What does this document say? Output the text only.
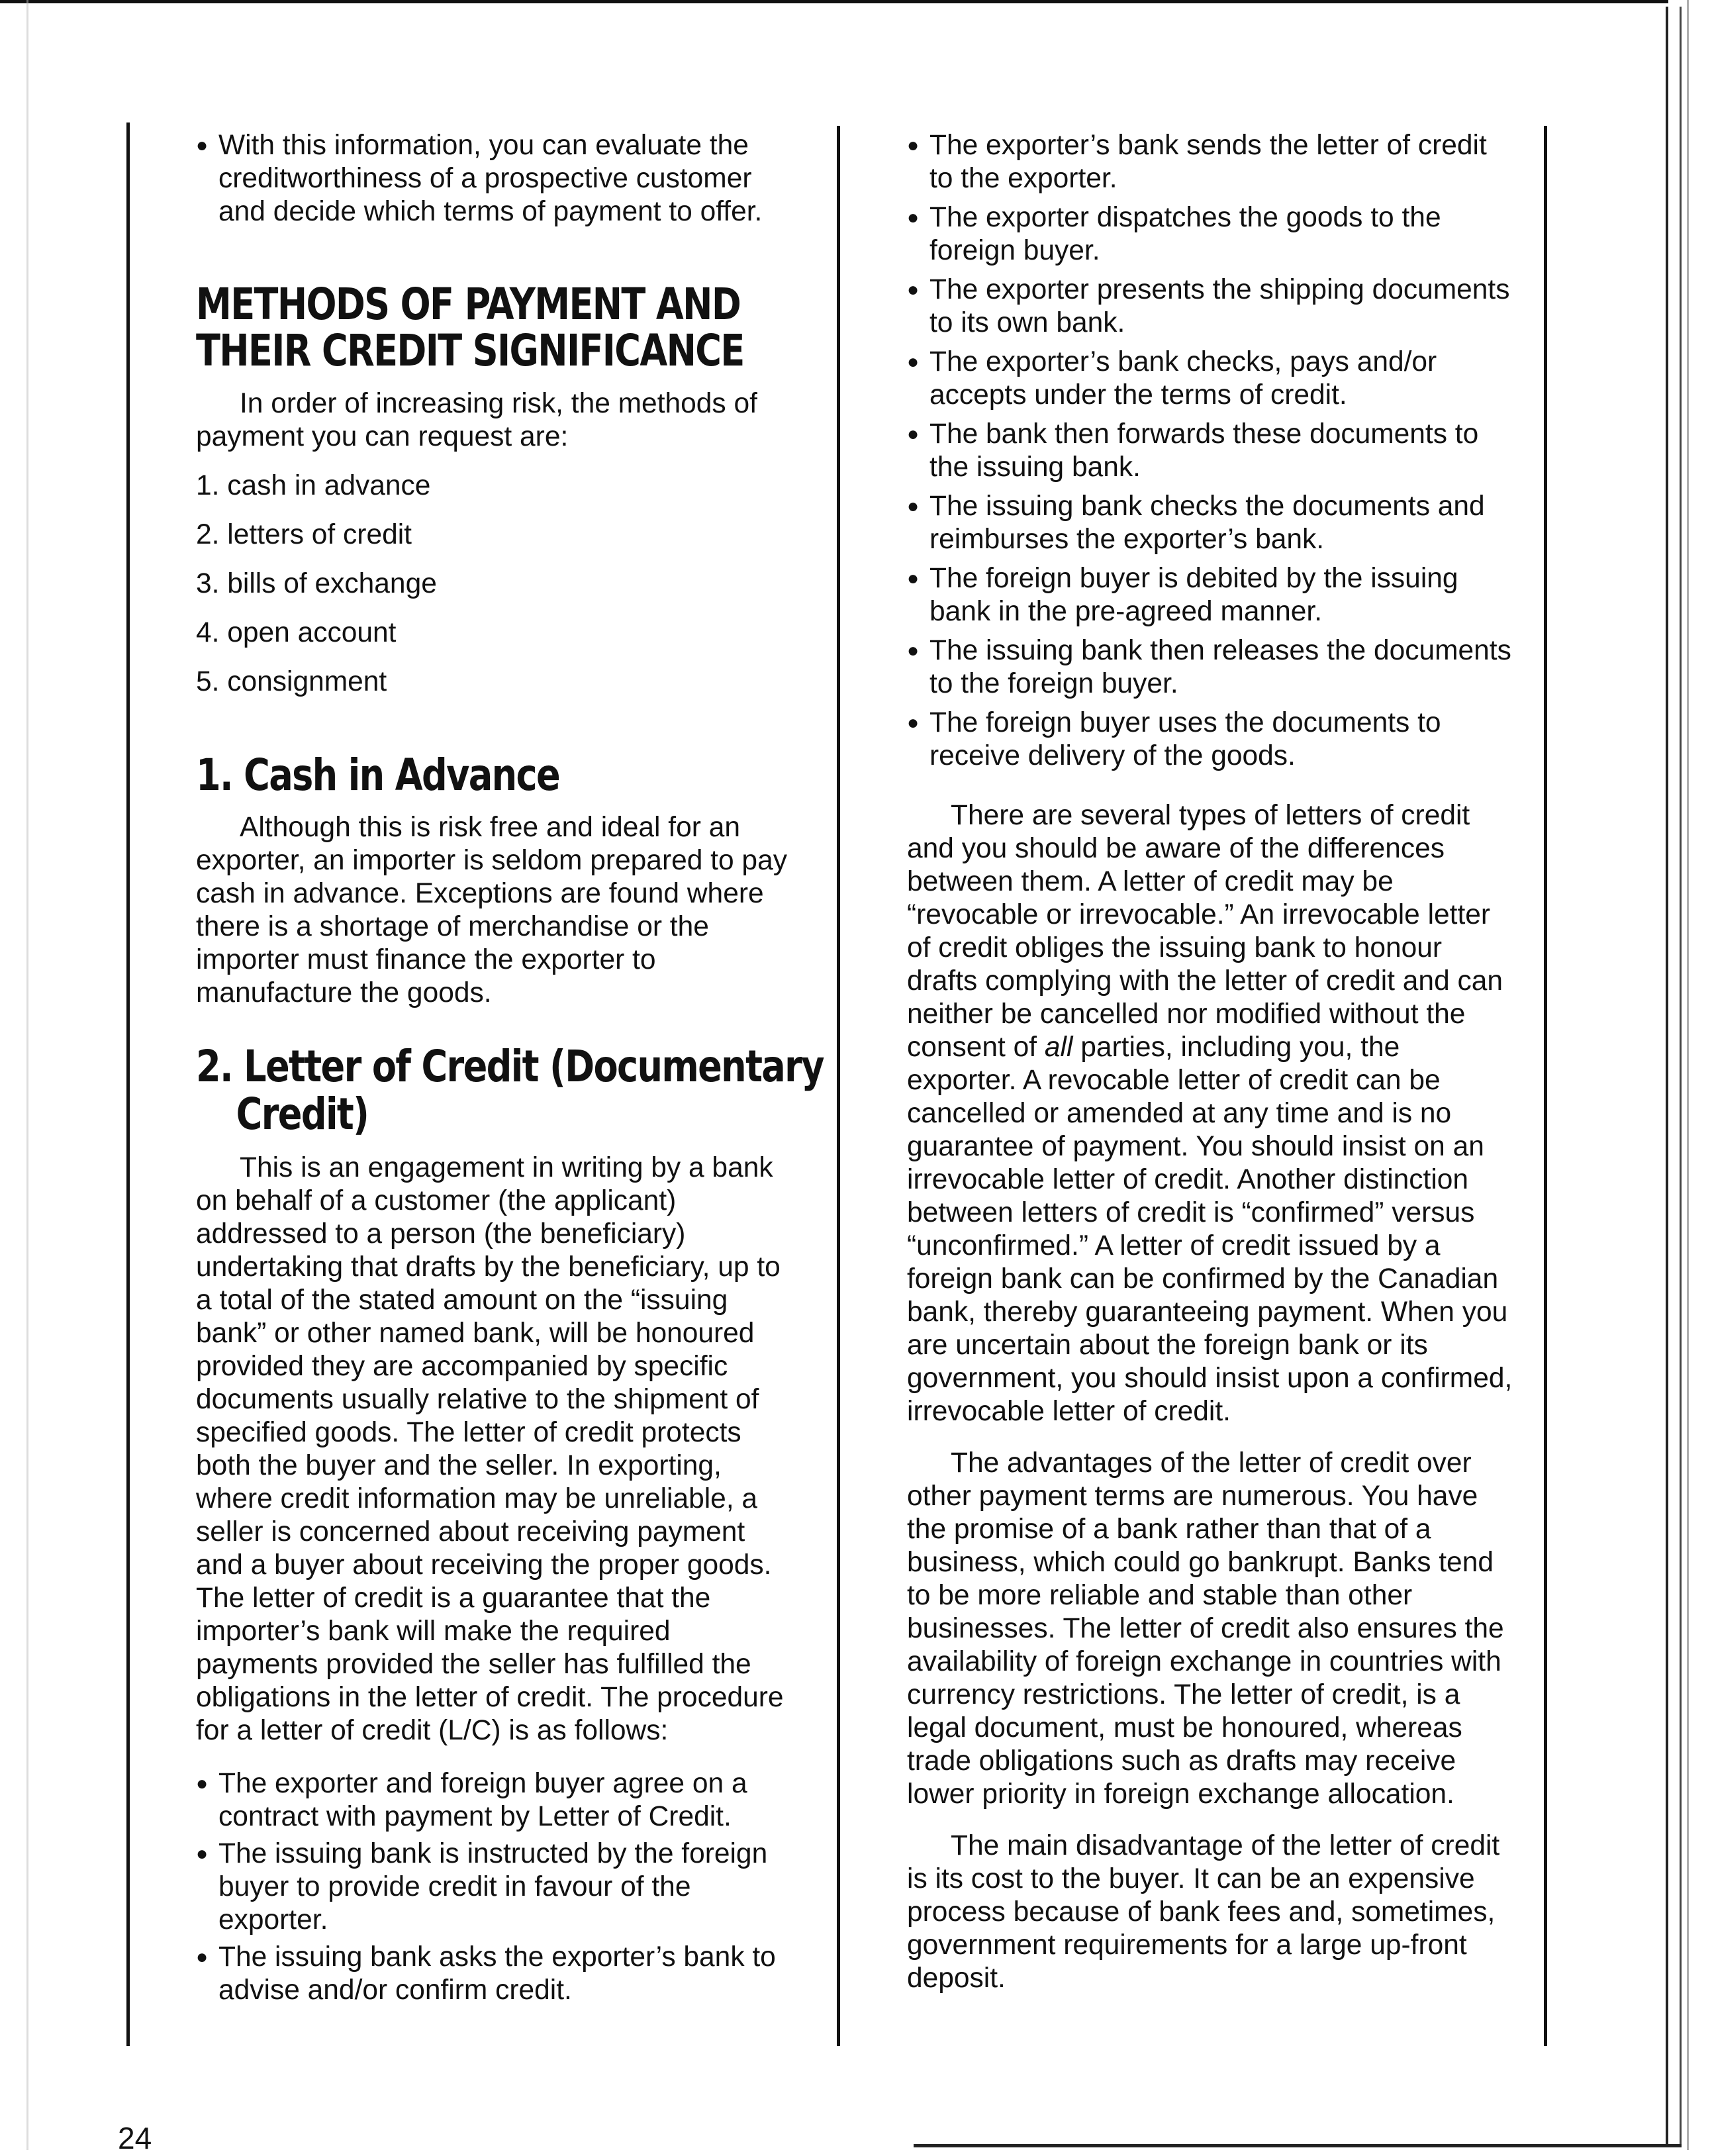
● With this information, you can evaluate the creditworthiness of a prospective customer and decide which terms of payment to offer.

METHODS OF PAYMENT AND THEIR CREDIT SIGNIFICANCE

In order of increasing risk, the methods of payment you can request are:

1. cash in advance
2. letters of credit
3. bills of exchange
4. open account
5. consignment
1. Cash in Advance

Although this is risk free and ideal for an exporter, an importer is seldom prepared to pay cash in advance. Exceptions are found where there is a shortage of merchandise or the importer must finance the exporter to manufacture the goods.

2. Letter of Credit (Documentary Credit)

This is an engagement in writing by a bank on behalf of a customer (the applicant) addressed to a person (the beneficiary) undertaking that drafts by the beneficiary, up to a total of the stated amount on the “issuing bank” or other named bank, will be honoured provided they are accompanied by specific documents usually relative to the shipment of specified goods. The letter of credit protects both the buyer and the seller. In exporting, where credit information may be unreliable, a seller is concerned about receiving payment and a buyer about receiving the proper goods. The letter of credit is a guarantee that the importer’s bank will make the required payments provided the seller has fulfilled the obligations in the letter of credit. The procedure for a letter of credit (L/C) is as follows:

● The exporter and foreign buyer agree on a contract with payment by Letter of Credit.

● The issuing bank is instructed by the foreign buyer to provide credit in favour of the exporter.

● The issuing bank asks the exporter’s bank to advise and/or confirm credit.

● The exporter’s bank sends the letter of credit to the exporter.

● The exporter dispatches the goods to the foreign buyer.

● The exporter presents the shipping documents to its own bank.

● The exporter’s bank checks, pays and/or accepts under the terms of credit.

● The bank then forwards these documents to the issuing bank.

● The issuing bank checks the documents and reimburses the exporter’s bank.

● The foreign buyer is debited by the issuing bank in the pre-agreed manner.

● The issuing bank then releases the documents to the foreign buyer.

● The foreign buyer uses the documents to receive delivery of the goods.

There are several types of letters of credit and you should be aware of the differences between them. A letter of credit may be “revocable or irrevocable.” An irrevocable letter of credit obliges the issuing bank to honour drafts complying with the letter of credit and can neither be cancelled nor modified without the consent of all parties, including you, the exporter. A revocable letter of credit can be cancelled or amended at any time and is no guarantee of payment. You should insist on an irrevocable letter of credit. Another distinction between letters of credit is “confirmed” versus “unconfirmed.” A letter of credit issued by a foreign bank can be confirmed by the Canadian bank, thereby guaranteeing payment. When you are uncertain about the foreign bank or its government, you should insist upon a confirmed, irrevocable letter of credit.

The advantages of the letter of credit over other payment terms are numerous. You have the promise of a bank rather than that of a business, which could go bankrupt. Banks tend to be more reliable and stable than other businesses. The letter of credit also ensures the availability of foreign exchange in countries with currency restrictions. The letter of credit, is a legal document, must be honoured, whereas trade obligations such as drafts may receive lower priority in foreign exchange allocation.

The main disadvantage of the letter of credit is its cost to the buyer. It can be an expensive process because of bank fees and, sometimes, government requirements for a large up-front deposit.

24
